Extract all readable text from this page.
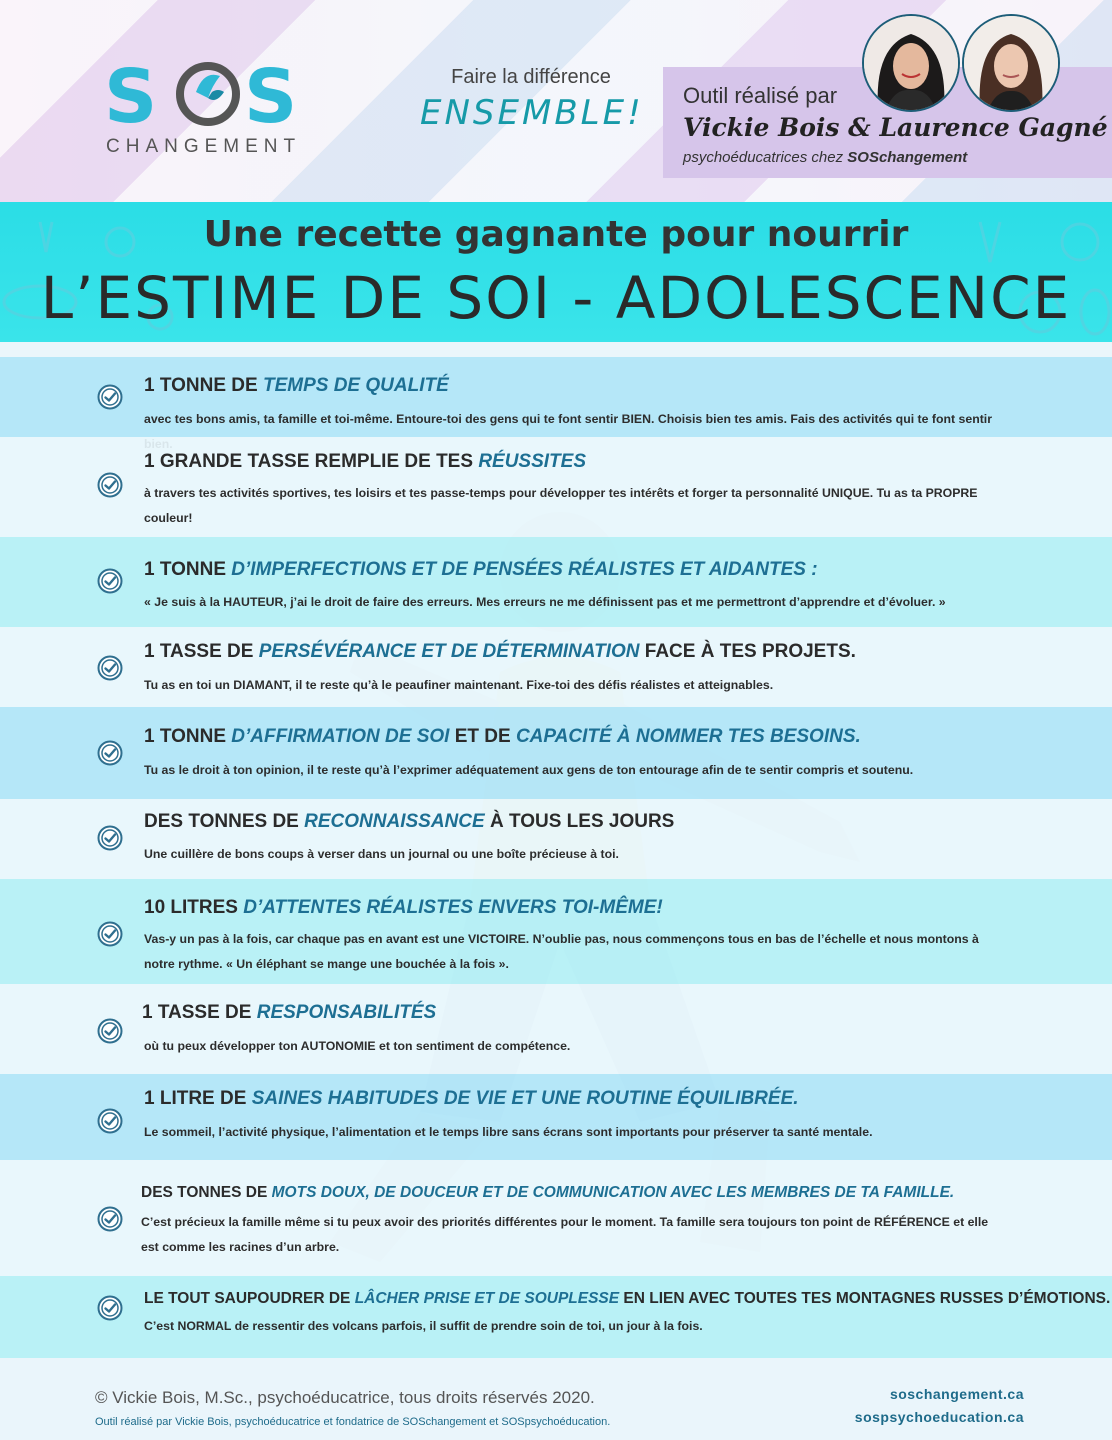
S S
CHANGEMENT
Faire la différence
ENSEMBLE! Outil réalisé par
Vickie Bois & Laurence Gagné
psychoéducatrices chez SOSchangement
Une recette gagnante pour nourrir
L’ESTIME DE SOI - ADOLESCENCE
1 TONNE DE TEMPS DE QUALITÉ
avec tes bons amis, ta famille et toi-même. Entoure-toi des gens qui te font sentir BIEN. Choisis bien tes amis. Fais des activités qui te font sentir
1 GRANDE TASSE REMPLIE DE TES RÉUSSITES
à travers tes activités sportives, tes loisirs et tes passe-temps pour développer tes intérêts et forger ta personnalité UNIQUE. Tu as ta PROPRE couleur!
1 TONNE D’IMPERFECTIONS ET DE PENSÉES RÉALISTES ET AIDANTES :
« Je suis à la HAUTEUR, j’ai le droit de faire des erreurs. Mes erreurs ne me définissent pas et me permettront d’apprendre et d’évoluer. »
1 TASSE DE PERSÉVÉRANCE ET DE DÉTERMINATION FACE À TES PROJETS.
Tu as en toi un DIAMANT, il te reste qu’à le peaufiner maintenant. Fixe-toi des défis réalistes et atteignables.
1 TONNE D’AFFIRMATION DE SOI ET DE CAPACITÉ À NOMMER TES BESOINS.
Tu as le droit à ton opinion, il te reste qu’à l’exprimer adéquatement aux gens de ton entourage afin de te sentir compris et soutenu.
DES TONNES DE RECONNAISSANCE À TOUS LES JOURS
Une cuillère de bons coups à verser dans un journal ou une boîte précieuse à toi.
10 LITRES D’ATTENTES RÉALISTES ENVERS TOI-MÊME!
Vas-y un pas à la fois, car chaque pas en avant est une VICTOIRE. N’oublie pas, nous commençons tous en bas de l’échelle et nous montons à notre rythme. « Un éléphant se mange une bouchée à la fois ».
1 TASSE DE RESPONSABILITÉS
où tu peux développer ton AUTONOMIE et ton sentiment de compétence.
1 LITRE DE SAINES HABITUDES DE VIE ET UNE ROUTINE ÉQUILIBRÉE.
Le sommeil, l’activité physique, l’alimentation et le temps libre sans écrans sont importants pour préserver ta santé mentale.
DES TONNES DE MOTS DOUX, DE DOUCEUR ET DE COMMUNICATION AVEC LES MEMBRES DE TA FAMILLE.
C’est précieux la famille même si tu peux avoir des priorités différentes pour le moment. Ta famille sera toujours ton point de RÉFÉRENCE et elle est comme les racines d’un arbre.
LE TOUT SAUPOUDRER DE LÂCHER PRISE ET DE SOUPLESSE EN LIEN AVEC TOUTES TES MONTAGNES RUSSES D’ÉMOTIONS.
C’est NORMAL de ressentir des volcans parfois, il suffit de prendre soin de toi, un jour à la fois.
© Vickie Bois, M.Sc., psychoéducatrice, tous droits réservés 2020.
Outil réalisé par Vickie Bois, psychoéducatrice et fondatrice de SOSchangement et SOSpsychoéducation.
soschangement.ca
sospsychoeducation.ca
